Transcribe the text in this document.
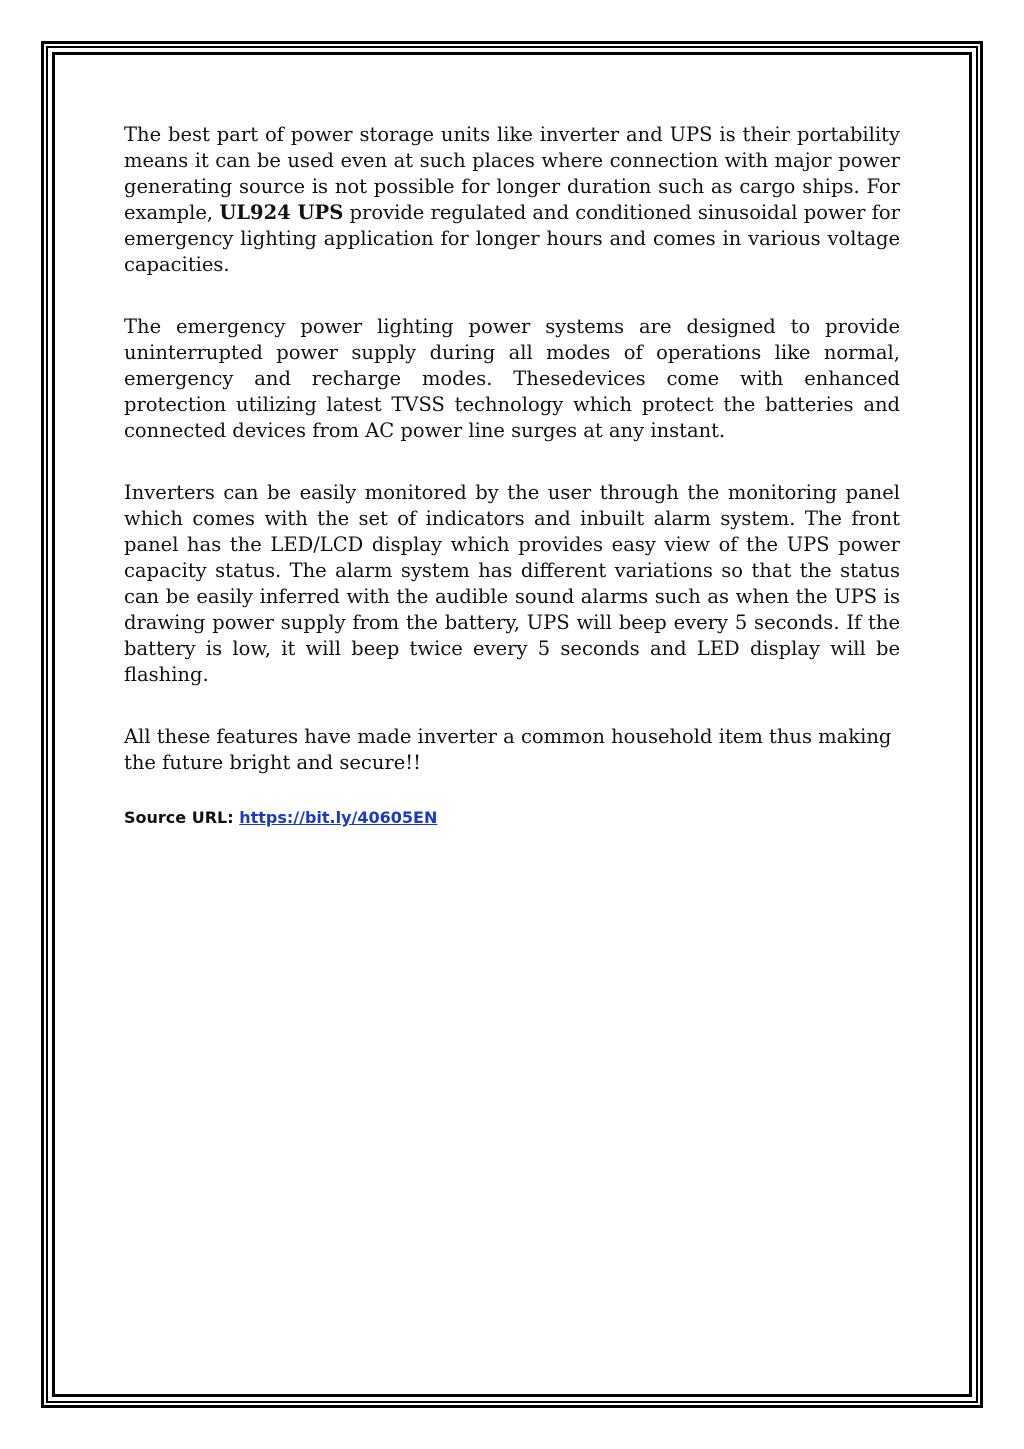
The best part of power storage units like inverter and UPS is their portability means it can be used even at such places where connection with major power generating source is not possible for longer duration such as cargo ships. For example, UL924 UPS provide regulated and conditioned sinusoidal power for emergency lighting application for longer hours and comes in various voltage capacities.

The emergency power lighting power systems are designed to provide uninterrupted power supply during all modes of operations like normal, emergency and recharge modes. Thesedevices come with enhanced protection utilizing latest TVSS technology which protect the batteries and connected devices from AC power line surges at any instant.

Inverters can be easily monitored by the user through the monitoring panel which comes with the set of indicators and inbuilt alarm system. The front panel has the LED/LCD display which provides easy view of the UPS power capacity status. The alarm system has different variations so that the status can be easily inferred with the audible sound alarms such as when the UPS is drawing power supply from the battery, UPS will beep every 5 seconds. If the battery is low, it will beep twice every 5 seconds and LED display will be flashing.

All these features have made inverter a common household item thus making the future bright and secure!!

Source URL: https://bit.ly/40605EN
